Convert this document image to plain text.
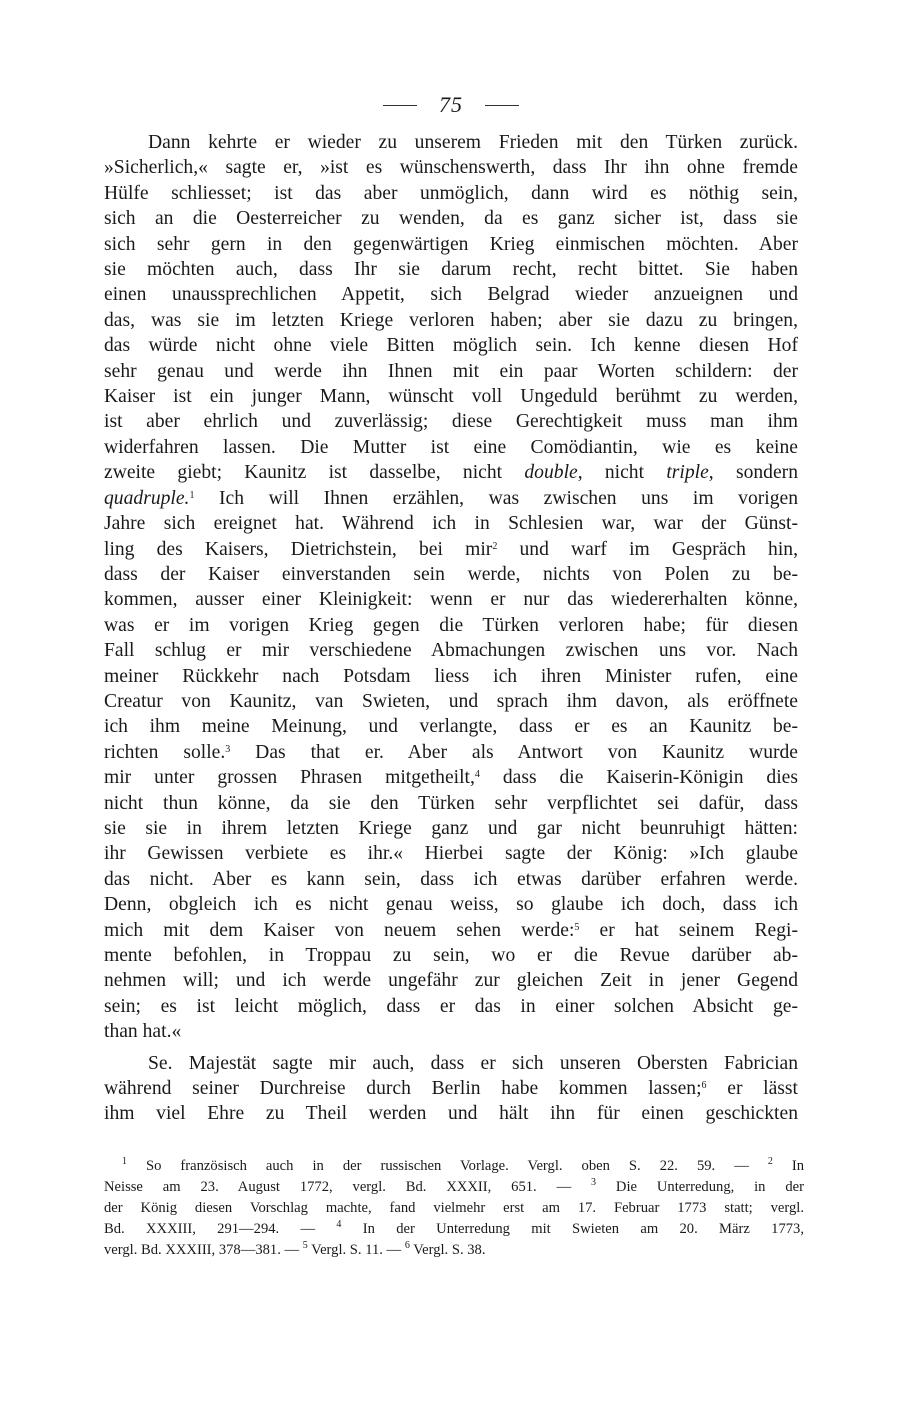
75
Dann kehrte er wieder zu unserem Frieden mit den Türken zurück.
»Sicherlich,« sagte er, »ist es wünschenswerth, dass Ihr ihn ohne fremde
Hülfe schliesset; ist das aber unmöglich, dann wird es nöthig sein,
sich an die Oesterreicher zu wenden, da es ganz sicher ist, dass sie
sich sehr gern in den gegenwärtigen Krieg einmischen möchten. Aber
sie möchten auch, dass Ihr sie darum recht, recht bittet. Sie haben
einen unaussprechlichen Appetit, sich Belgrad wieder anzueignen und
das, was sie im letzten Kriege verloren haben; aber sie dazu zu bringen,
das würde nicht ohne viele Bitten möglich sein. Ich kenne diesen Hof
sehr genau und werde ihn Ihnen mit ein paar Worten schildern: der
Kaiser ist ein junger Mann, wünscht voll Ungeduld berühmt zu werden,
ist aber ehrlich und zuverlässig; diese Gerechtigkeit muss man ihm
widerfahren lassen. Die Mutter ist eine Comödiantin, wie es keine
zweite giebt; Kaunitz ist dasselbe, nicht double, nicht triple, sondern
quadruple.$^1$ Ich will Ihnen erzählen, was zwischen uns im vorigen
Jahre sich ereignet hat. Während ich in Schlesien war, war der Günst-
ling des Kaisers, Dietrichstein, bei mir$^2$ und warf im Gespräch hin,
dass der Kaiser einverstanden sein werde, nichts von Polen zu be-
kommen, ausser einer Kleinigkeit: wenn er nur das wiedererhalten könne,
was er im vorigen Krieg gegen die Türken verloren habe; für diesen
Fall schlug er mir verschiedene Abmachungen zwischen uns vor. Nach
meiner Rückkehr nach Potsdam liess ich ihren Minister rufen, eine
Creatur von Kaunitz, van Swieten, und sprach ihm davon, als eröffnete
ich ihm meine Meinung, und verlangte, dass er es an Kaunitz be-
richten solle.$^3$ Das that er. Aber als Antwort von Kaunitz wurde
mir unter grossen Phrasen mitgetheilt,$^4$ dass die Kaiserin-Königin dies
nicht thun könne, da sie den Türken sehr verpflichtet sei dafür, dass
sie sie in ihrem letzten Kriege ganz und gar nicht beunruhigt hätten:
ihr Gewissen verbiete es ihr.« Hierbei sagte der König: »Ich glaube
das nicht. Aber es kann sein, dass ich etwas darüber erfahren werde.
Denn, obgleich ich es nicht genau weiss, so glaube ich doch, dass ich
mich mit dem Kaiser von neuem sehen werde:$^5$ er hat seinem Regi-
mente befohlen, in Troppau zu sein, wo er die Revue darüber ab-
nehmen will; und ich werde ungefähr zur gleichen Zeit in jener Gegend
sein; es ist leicht möglich, dass er das in einer solchen Absicht ge-
than hat.«
Se. Majestät sagte mir auch, dass er sich unseren Obersten Fabrician
während seiner Durchreise durch Berlin habe kommen lassen;$^6$ er lässt
ihm viel Ehre zu Theil werden und hält ihn für einen geschickten
$^1$ So französisch auch in der russischen Vorlage. Vergl. oben S. 22. 59. — $^2$ In
Neisse am 23. August 1772, vergl. Bd. XXXII, 651. — $^3$ Die Unterredung, in der
der König diesen Vorschlag machte, fand vielmehr erst am 17. Februar 1773 statt; vergl.
Bd. XXXIII, 291—294. — $^4$ In der Unterredung mit Swieten am 20. März 1773,
vergl. Bd. XXXIII, 378—381. — $^5$ Vergl. S. 11. — $^6$ Vergl. S. 38.
